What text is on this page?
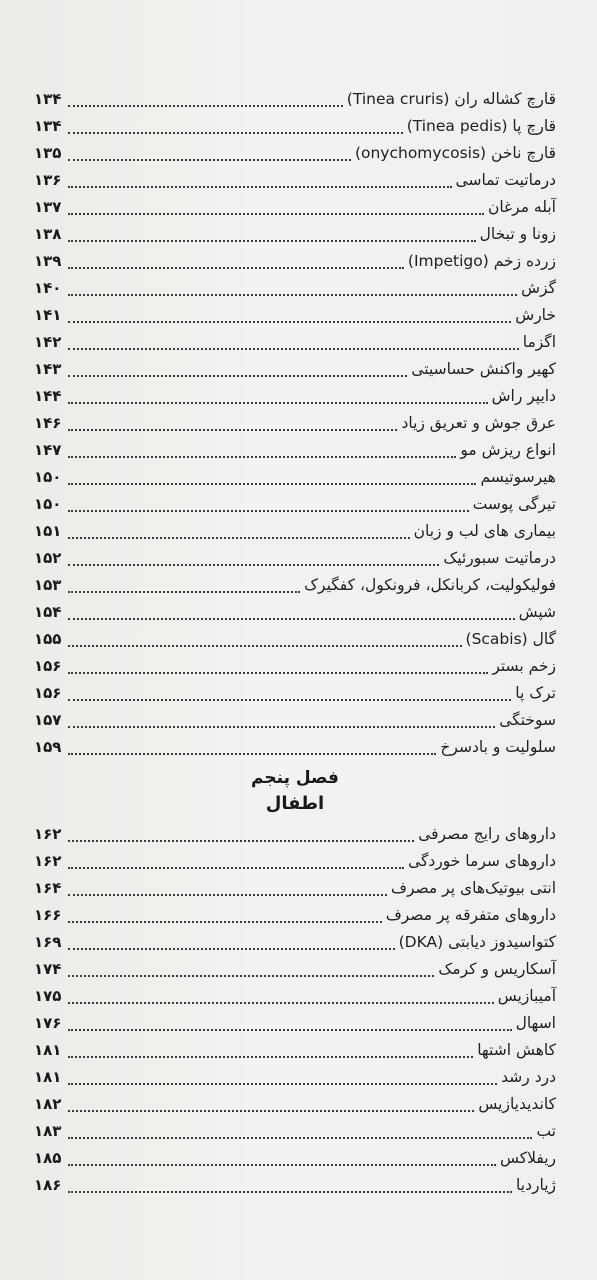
قارچ کشاله ران (Tinea cruris)
۱۳۴
قارچ پا (Tinea pedis)
۱۳۴
قارچ ناخن (onychomycosis)
۱۳۵
درماتیت تماسی
۱۳۶
آبله مرغان
۱۳۷
زونا و تبخال
۱۳۸
زرده زخم (Impetigo)
۱۳۹
گزش
۱۴۰
خارش
۱۴۱
اگزما
۱۴۲
کهیر واکنش حساسیتی
۱۴۳
دایپر راش
۱۴۴
عرق جوش و تعریق زیاد
۱۴۶
انواع ریزش مو
۱۴۷
هیرسوتیسم
۱۵۰
تیرگی پوست
۱۵۰
بیماری های لب و زبان
۱۵۱
درماتیت سبورئیک
۱۵۲
فولیکولیت، کربانکل، فرونکول، کفگیرک
۱۵۳
شپش
۱۵۴
گال (Scabis)
۱۵۵
زخم بستر
۱۵۶
ترک پا
۱۵۶
سوختگی
۱۵۷
سلولیت و بادسرخ
۱۵۹
فصل پنجم
اطفال
داروهای رایج مصرفی
۱۶۲
داروهای سرما خوردگی
۱۶۲
انتی بیوتیک‌های پر مصرف
۱۶۴
داروهای متفرقه پر مصرف
۱۶۶
کتواسیدوز دیابتی (DKA)
۱۶۹
آسکاریس و کرمک
۱۷۴
آمیبازیس
۱۷۵
اسهال
۱۷۶
کاهش اشتها
۱۸۱
درد رشد
۱۸۱
کاندیدیازیس
۱۸۲
تب
۱۸۳
ریفلاکس
۱۸۵
ژیاردیا
۱۸۶
